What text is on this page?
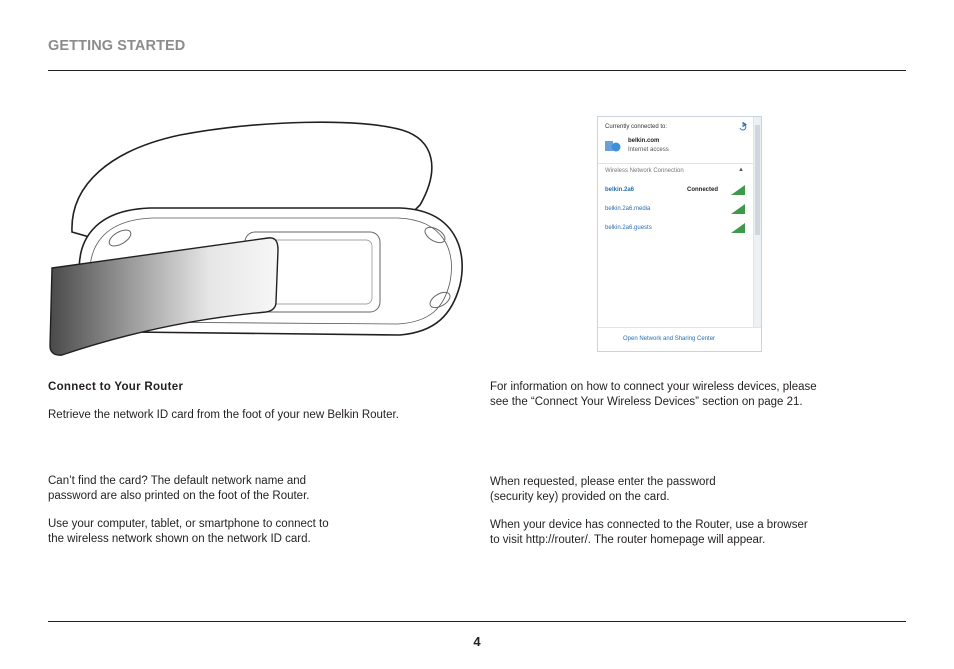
GETTING STARTED
Currently connected to:
belkin.com
Internet access
Wireless Network Connection	▲
belkin.2a6	Connected
belkin.2a6.media
belkin.2a6.guests
Open Network and Sharing Center

Connect to Your Router

Retrieve the network ID card from the foot of your new Belkin Router.

Can’t find the card? The default network name and
password are also printed on the foot of the Router.

Use your computer, tablet, or smartphone to connect to
the wireless network shown on the network ID card.

For information on how to connect your wireless devices, please
see the “Connect Your Wireless Devices” section on page 21.

When requested, please enter the password
(security key) provided on the card.

When your device has connected to the Router, use a browser
to visit http://router/. The router homepage will appear.

4
